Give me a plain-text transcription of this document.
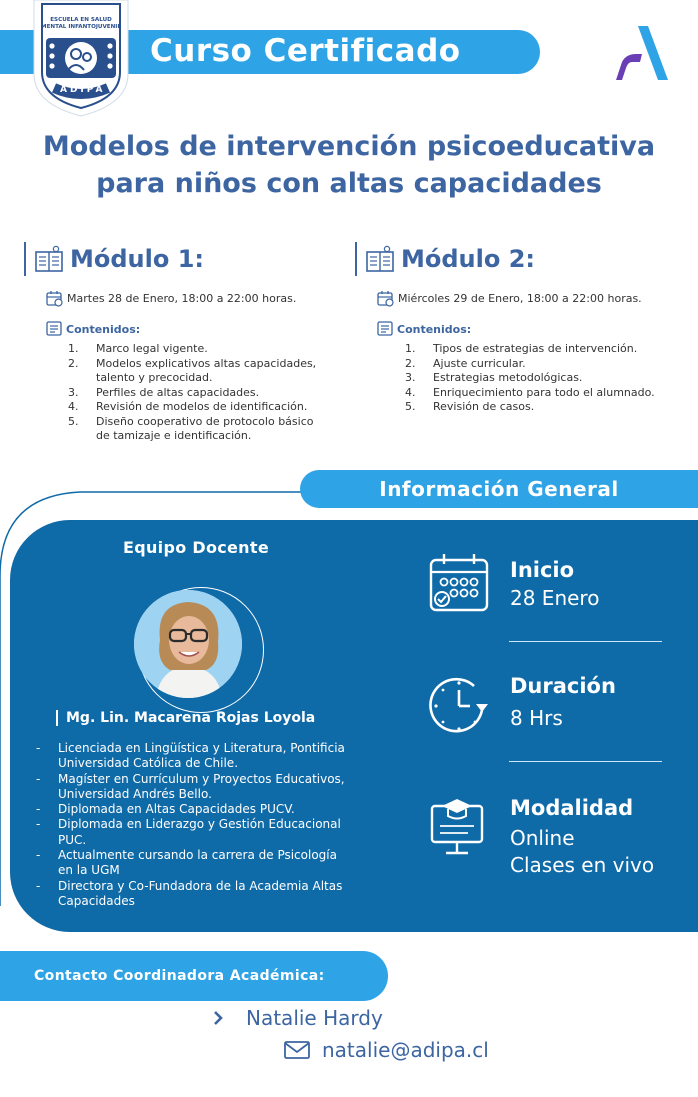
Curso Certificado
ESCUELA EN SALUD MENTAL INFANTOJUVENIL
ADIPA
Modelos de intervención psicoeducativa
para niños con altas capacidades
Módulo 1:
Martes 28 de Enero, 18:00 a 22:00 horas.
Contenidos:
1.	Marco legal vigente.
2.	Modelos explicativos altas capacidades,
talento y precocidad.
3.	Perfiles de altas capacidades.
4.	Revisión de modelos de identificación.
5.	Diseño cooperativo de protocolo básico
de tamizaje e identificación.
Módulo 2:
Miércoles 29 de Enero, 18:00 a 22:00 horas.
Contenidos:
1.	Tipos de estrategias de intervención.
2.	Ajuste curricular.
3.	Estrategias metodológicas.
4.	Enriquecimiento para todo el alumnado.
5.	Revisión de casos.
Información General
Equipo Docente
Mg. Lin. Macarena Rojas Loyola
-	Licenciada en Lingüística y Literatura, Pontificia
Universidad Católica de Chile.
-	Magíster en Currículum y Proyectos Educativos,
Universidad Andrés Bello.
-	Diplomada en Altas Capacidades PUCV.
-	Diplomada en Liderazgo y Gestión Educacional
PUC.
-	Actualmente cursando la carrera de Psicología
en la UGM
-	Directora y Co-Fundadora de la Academia Altas
Capacidades
Inicio
28 Enero
Duración
8 Hrs
Modalidad
Online
Clases en vivo
Contacto Coordinadora Académica:
Natalie Hardy
natalie@adipa.cl
